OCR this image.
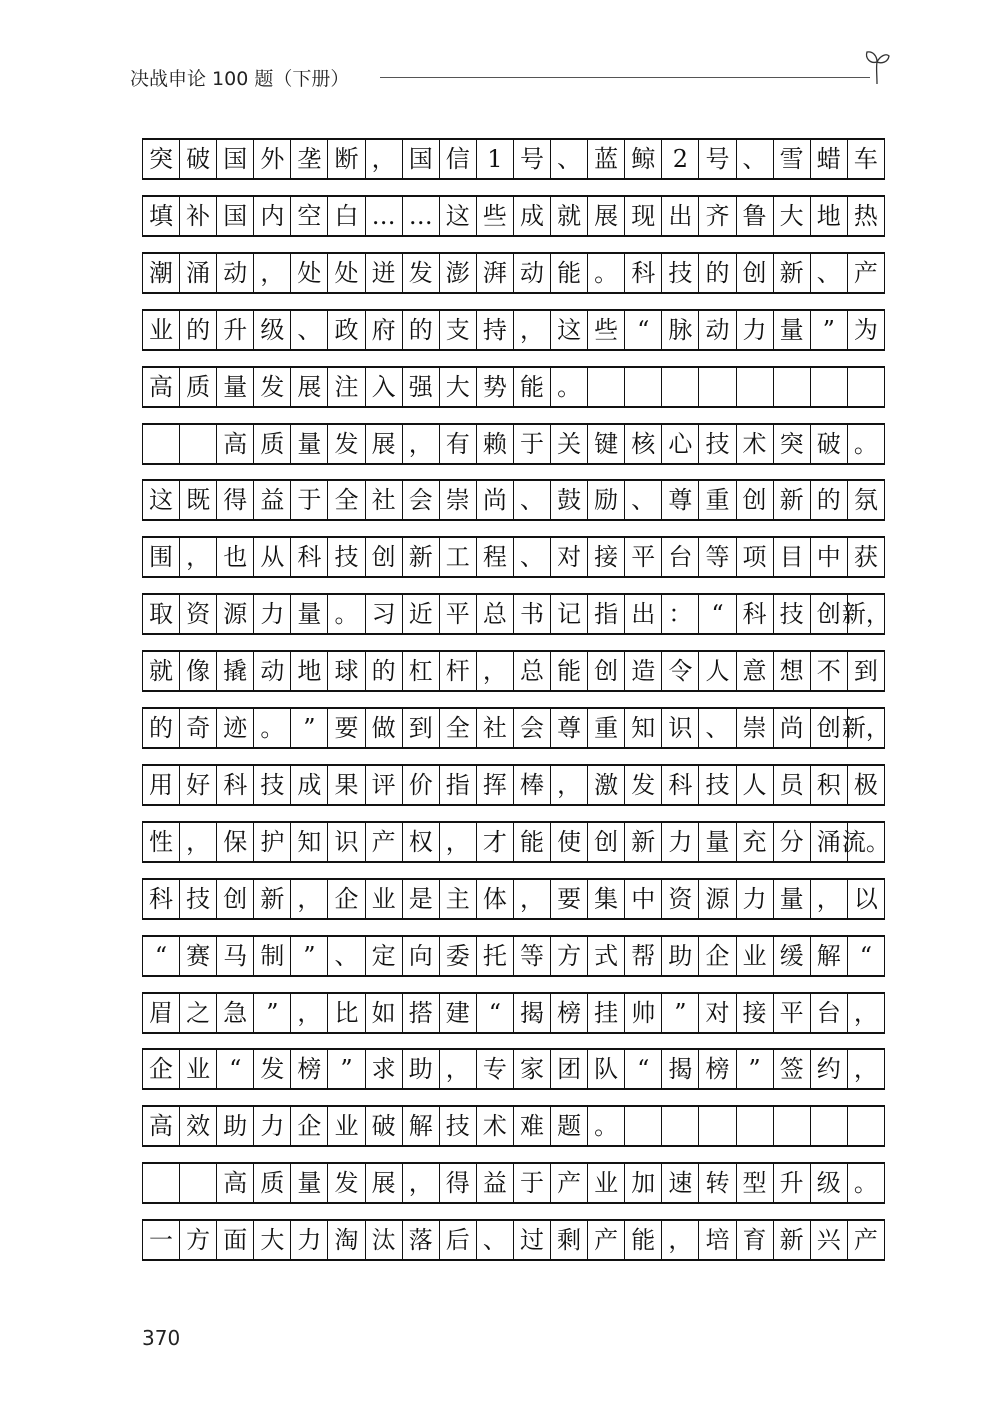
决战申论 100 题（下册）
突 破 国 外 垄 断 ， 国 信 1 号 、 蓝 鲸 2 号 、 雪 蜡 车
填 补 国 内 空 白 … … 这 些 成 就 展 现 出 齐 鲁 大 地 热
潮 涌 动 ， 处 处 迸 发 澎 湃 动 能 。 科 技 的 创 新 、 产
业 的 升 级 、 政 府 的 支 持 ， 这 些 “ 脉 动 力 量 ” 为
高 质 量 发 展 注 入 强 大 势 能 。
高 质 量 发 展 ， 有 赖 于 关 键 核 心 技 术 突 破 。
这 既 得 益 于 全 社 会 崇 尚 、 鼓 励 、 尊 重 创 新 的 氛
围 ， 也 从 科 技 创 新 工 程 、 对 接 平 台 等 项 目 中 获
取 资 源 力 量 。 习 近 平 总 书 记 指 出 ： “ 科 技 创 新，
就 像 撬 动 地 球 的 杠 杆 ， 总 能 创 造 令 人 意 想 不 到
的 奇 迹 。 ” 要 做 到 全 社 会 尊 重 知 识 、 崇 尚 创 新，
用 好 科 技 成 果 评 价 指 挥 棒 ， 激 发 科 技 人 员 积 极
性 ， 保 护 知 识 产 权 ， 才 能 使 创 新 力 量 充 分 涌 流。
科 技 创 新 ， 企 业 是 主 体 ， 要 集 中 资 源 力 量 ， 以
“ 赛 马 制 ” 、 定 向 委 托 等 方 式 帮 助 企 业 缓 解 “
眉 之 急 ” ， 比 如 搭 建 “ 揭 榜 挂 帅 ” 对 接 平 台 ，
企 业 “ 发 榜 ” 求 助 ， 专 家 团 队 “ 揭 榜 ” 签 约 ，
高 效 助 力 企 业 破 解 技 术 难 题 。
高 质 量 发 展 ， 得 益 于 产 业 加 速 转 型 升 级 。
一 方 面 大 力 淘 汰 落 后 、 过 剩 产 能 ， 培 育 新 兴 产
370
